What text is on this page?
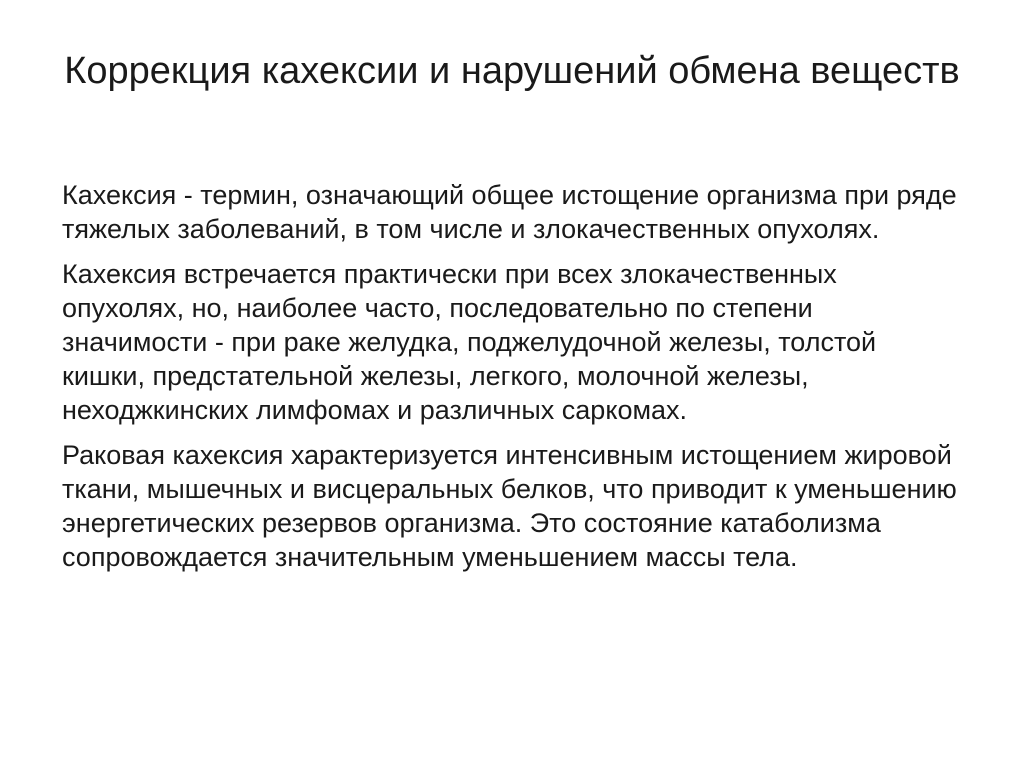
Коррекция кахексии и нарушений обмена веществ
Кахексия - термин, означающий общее истощение организма при ряде тяжелых заболеваний, в том числе и злокачественных опухолях.
Кахексия встречается практически при всех злокачественных опухолях, но, наиболее часто, последовательно по степени значимости - при раке желудка, поджелудочной железы, толстой кишки, предстательной железы, легкого, молочной железы, неходжкинских лимфомах и различных саркомах.
Раковая кахексия характеризуется интенсивным истощением жировой ткани, мышечных и висцеральных белков, что приводит к уменьшению энергетических резервов организма. Это состояние катаболизма сопровождается значительным уменьшением массы тела.
